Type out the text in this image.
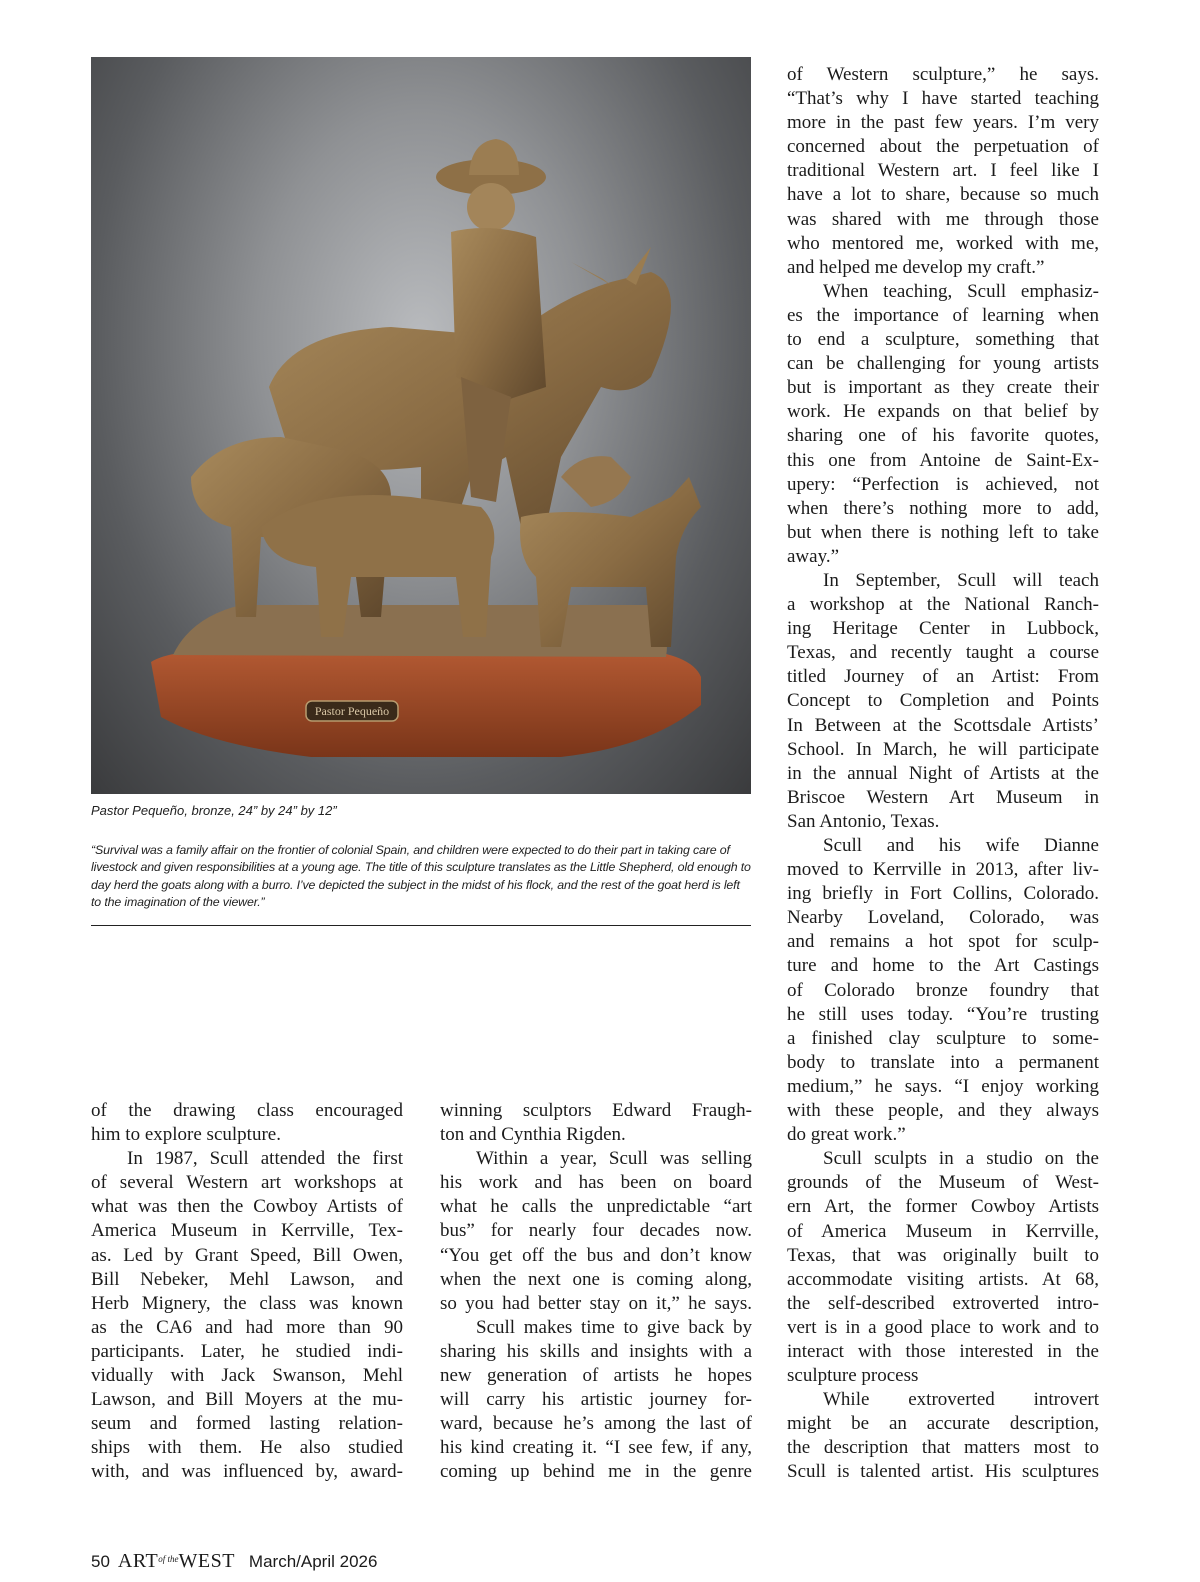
Pastor Pequeño
Pastor Pequeño, bronze, 24” by 24” by 12”
“Survival was a family affair on the frontier of colonial Spain, and children were expected to do their part in taking care of livestock and given responsibilities at a young age. The title of this sculpture translates as the Little Shepherd, old enough to day herd the goats along with a burro. I’ve depicted the subject in the midst of his flock, and the rest of the goat herd is left to the imagination of the viewer.”
of the drawing class encouraged
him to explore sculpture.
In 1987, Scull attended the first
of several Western art workshops at
what was then the Cowboy Artists of
America Museum in Kerrville, Tex-
as. Led by Grant Speed, Bill Owen,
Bill Nebeker, Mehl Lawson, and
Herb Mignery, the class was known
as the CA6 and had more than 90
participants. Later, he studied indi-
vidually with Jack Swanson, Mehl
Lawson, and Bill Moyers at the mu-
seum and formed lasting relation-
ships with them. He also studied
with, and was influenced by, award-
winning sculptors Edward Fraugh-
ton and Cynthia Rigden.
Within a year, Scull was selling
his work and has been on board
what he calls the unpredictable “art
bus” for nearly four decades now.
“You get off the bus and don’t know
when the next one is coming along,
so you had better stay on it,” he says.
Scull makes time to give back by
sharing his skills and insights with a
new generation of artists he hopes
will carry his artistic journey for-
ward, because he’s among the last of
his kind creating it. “I see few, if any,
coming up behind me in the genre
of Western sculpture,” he says.
“That’s why I have started teaching
more in the past few years. I’m very
concerned about the perpetuation of
traditional Western art. I feel like I
have a lot to share, because so much
was shared with me through those
who mentored me, worked with me,
and helped me develop my craft.”
When teaching, Scull emphasiz-
es the importance of learning when
to end a sculpture, something that
can be challenging for young artists
but is important as they create their
work. He expands on that belief by
sharing one of his favorite quotes,
this one from Antoine de Saint-Ex-
upery: “Perfection is achieved, not
when there’s nothing more to add,
but when there is nothing left to take
away.”
In September, Scull will teach
a workshop at the National Ranch-
ing Heritage Center in Lubbock,
Texas, and recently taught a course
titled Journey of an Artist: From
Concept to Completion and Points
In Between at the Scottsdale Artists’
School. In March, he will participate
in the annual Night of Artists at the
Briscoe Western Art Museum in
San Antonio, Texas.
Scull and his wife Dianne
moved to Kerrville in 2013, after liv-
ing briefly in Fort Collins, Colorado.
Nearby Loveland, Colorado, was
and remains a hot spot for sculp-
ture and home to the Art Castings
of Colorado bronze foundry that
he still uses today. “You’re trusting
a finished clay sculpture to some-
body to translate into a permanent
medium,” he says. “I enjoy working
with these people, and they always
do great work.”
Scull sculpts in a studio on the
grounds of the Museum of West-
ern Art, the former Cowboy Artists
of America Museum in Kerrville,
Texas, that was originally built to
accommodate visiting artists. At 68,
the self-described extroverted intro-
vert is in a good place to work and to
interact with those interested in the
sculpture process
While extroverted introvert
might be an accurate description,
the description that matters most to
Scull is talented artist. His sculptures
50 $ART^{of the}WEST$ March/April 2026
